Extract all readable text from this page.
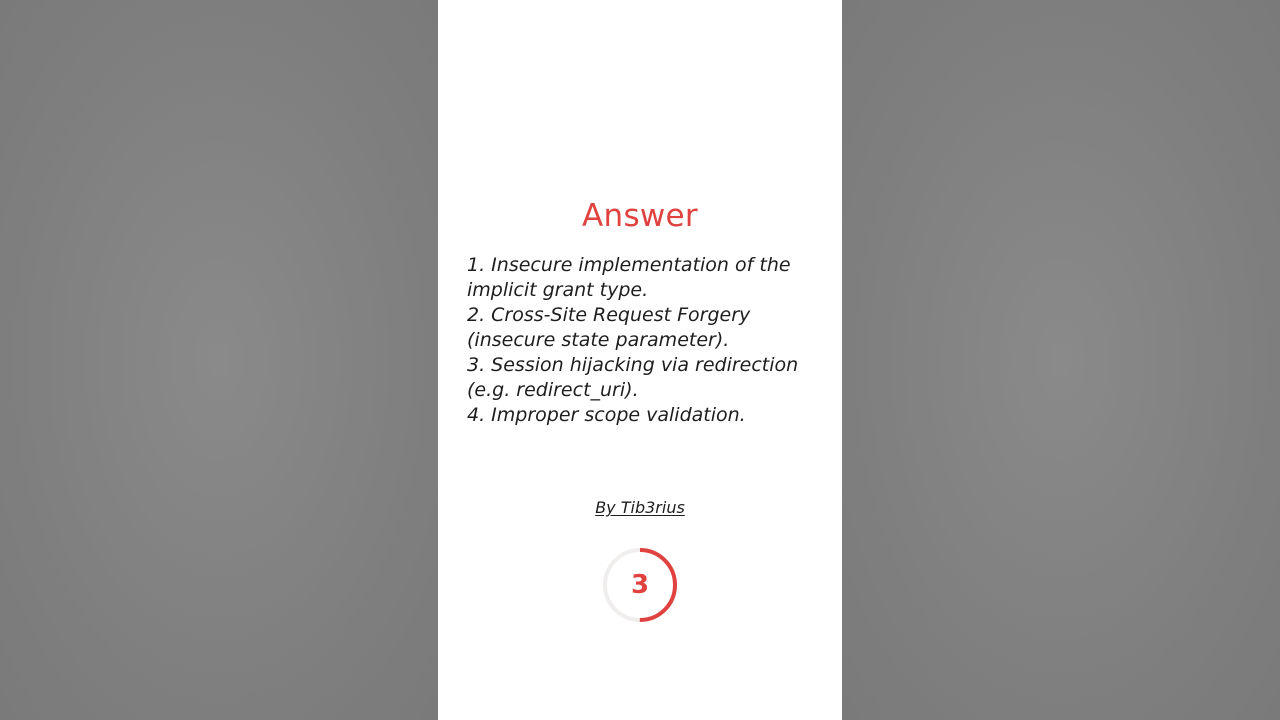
Answer
1. Insecure implementation of the implicit grant type.
2. Cross-Site Request Forgery (insecure state parameter).
3. Session hijacking via redirection (e.g. redirect_uri).
4. Improper scope validation.
By Tib3rius
3
